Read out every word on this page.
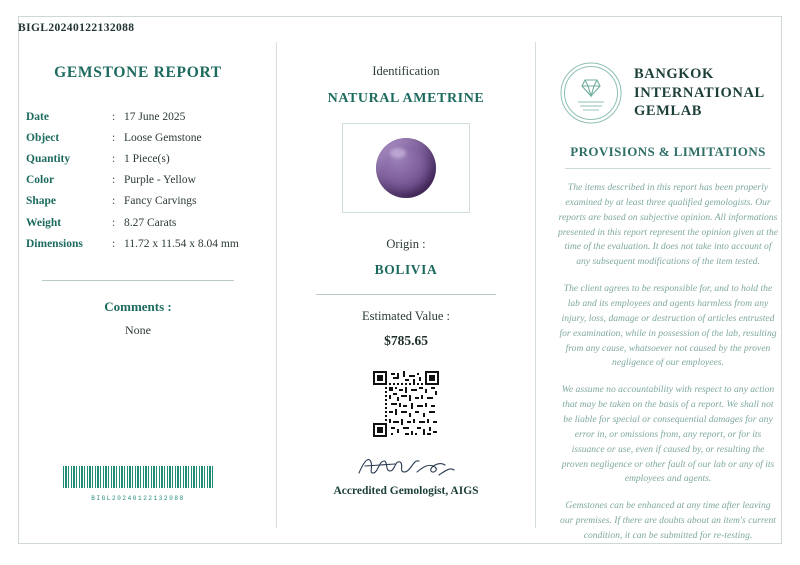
BIGL20240122132088
GEMSTONE REPORT
Date	:	17 June 2025
Object	:	Loose Gemstone
Quantity	:	1 Piece(s)
Color	:	Purple - Yellow
Shape	:	Fancy Carvings
Weight	:	8.27 Carats
Dimensions	:	11.72 x 11.54 x 8.04 mm
Comments :
None
BIGL20240122132088
Identification
NATURAL AMETRINE
Origin :
BOLIVIA
Estimated Value :
$785.65
Accredited Gemologist, AIGS
BANGKOK
INTERNATIONAL
GEMLAB
PROVISIONS & LIMITATIONS
The items described in this report has been properly examined by at least three qualified gemologists. Our reports are based on subjective opinion. All informations presented in this report represent the opinion given at the time of the evaluation. It does not take into account of any subsequent modifications of the item tested.
The client agrees to be responsible for, and to hold the lab and its employees and agents harmless from any injury, loss, damage or destruction of articles entrusted for examination, while in possession of the lab, resulting from any cause, whatsoever not caused by the proven negligence of our employees.
We assume no accountability with respect to any action that may be taken on the basis of a report. We shall not be liable for special or consequential damages for any error in, or omissions from, any report, or for its issuance or use, even if caused by, or resulting the proven negligence or other fault of our lab or any of its employees and agents.
Gemstones can be enhanced at any time after leaving our premises. If there are doubts about an item's current condition, it can be submitted for re-testing.
